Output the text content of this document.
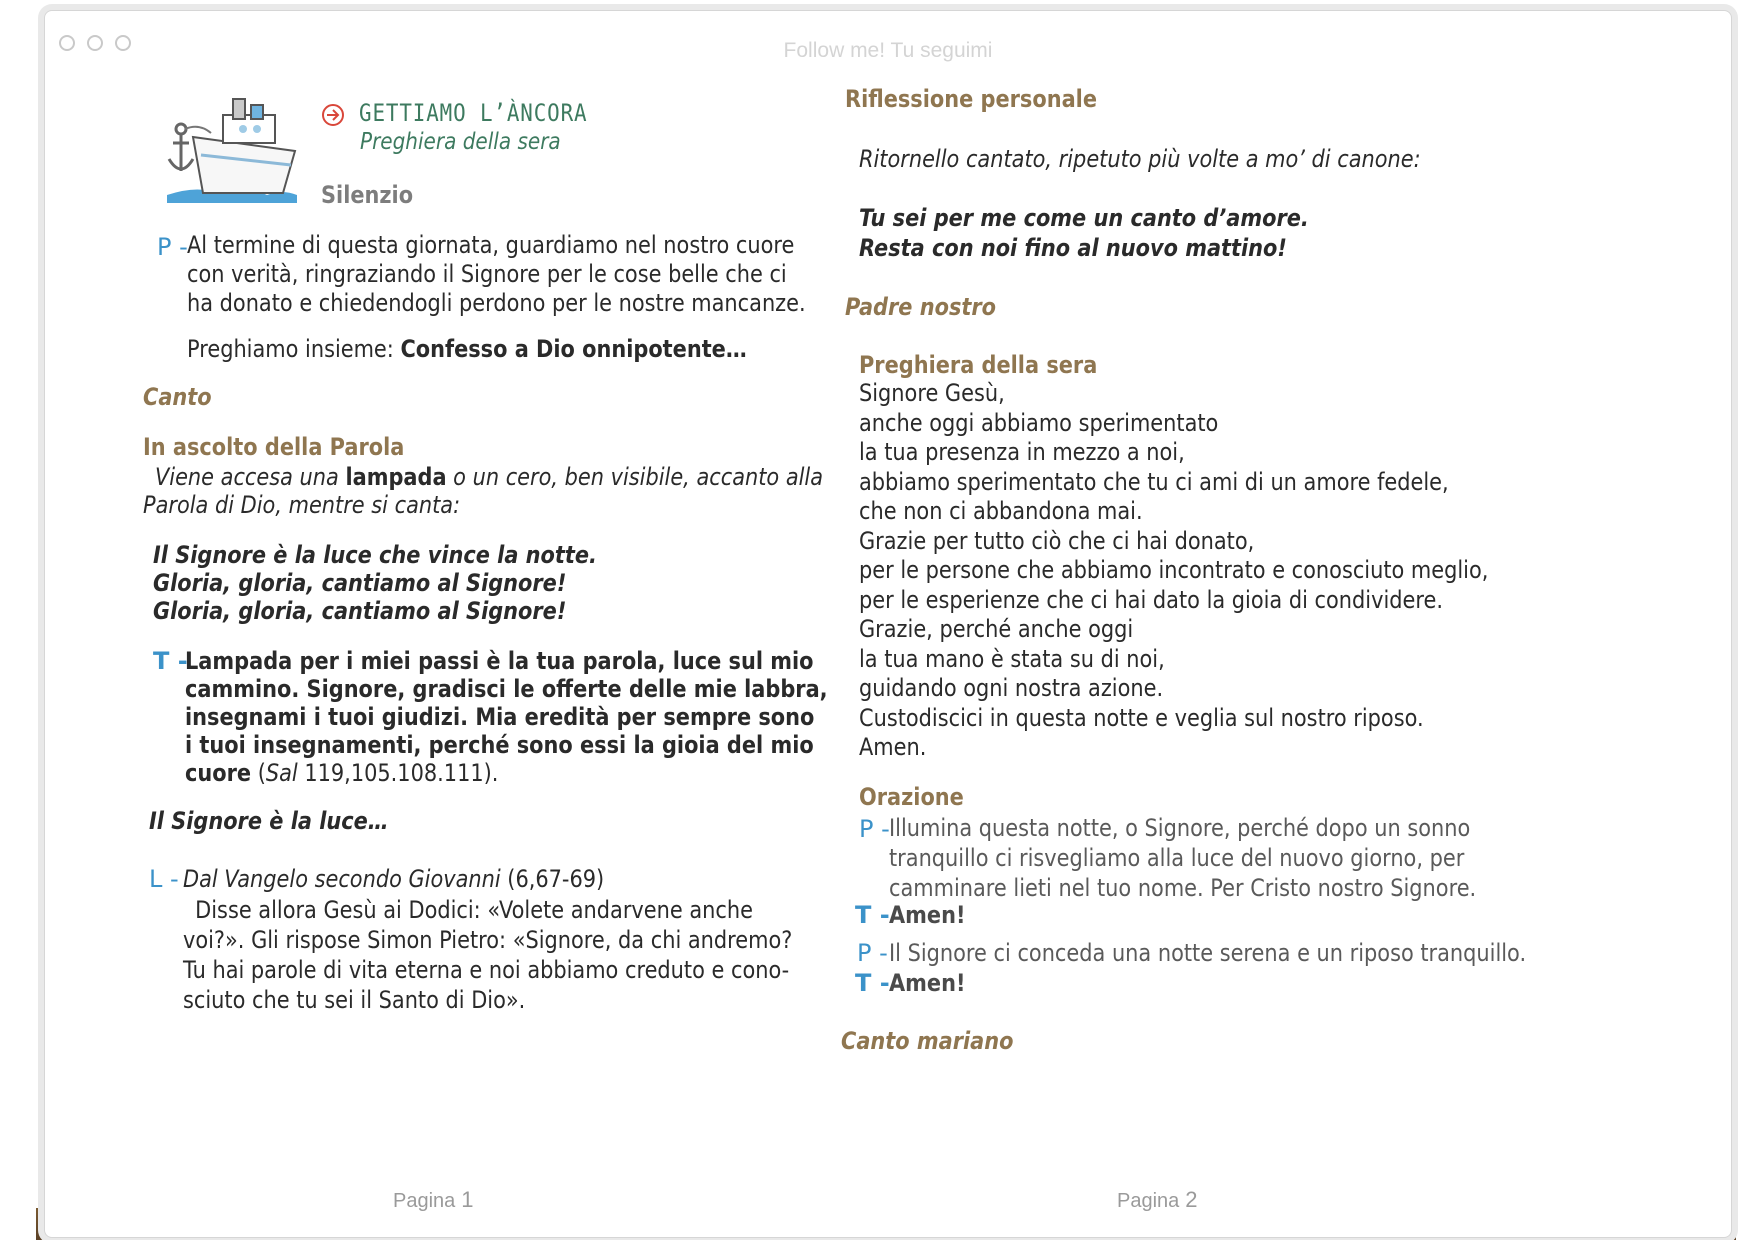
Follow me! Tu seguimi
GETTIAMO L’ÀNCORA
Preghiera della sera
Silenzio
P - Al termine di questa giornata, guardiamo nel nostro cuore
con verità, ringraziando il Signore per le cose belle che ci
ha donato e chiedendogli perdono per le nostre mancanze.
Preghiamo insieme: Confesso a Dio onnipotente…
Canto
In ascolto della Parola
Viene accesa una lampada o un cero, ben visibile, accanto alla
Parola di Dio, mentre si canta:
Il Signore è la luce che vince la notte.
Gloria, gloria, cantiamo al Signore!
Gloria, gloria, cantiamo al Signore!
T -
Lampada per i miei passi è la tua parola, luce sul mio
cammino. Signore, gradisci le offerte delle mie labbra,
insegnami i tuoi giudizi. Mia eredità per sempre sono
i tuoi insegnamenti, perché sono essi la gioia del mio
cuore (Sal 119,105.108.111).
Il Signore è la luce…
L - Dal Vangelo secondo Giovanni (6,67-69)
Disse allora Gesù ai Dodici: «Volete andarvene anche
voi?». Gli rispose Simon Pietro: «Signore, da chi andremo?
Tu hai parole di vita eterna e noi abbiamo creduto e cono-
sciuto che tu sei il Santo di Dio».
Pagina 1
Riflessione personale
Ritornello cantato, ripetuto più volte a mo’ di canone:
Tu sei per me come un canto d’amore.
Resta con noi fino al nuovo mattino!
Padre nostro
Preghiera della sera
Signore Gesù,
anche oggi abbiamo sperimentato
la tua presenza in mezzo a noi,
abbiamo sperimentato che tu ci ami di un amore fedele,
che non ci abbandona mai.
Grazie per tutto ciò che ci hai donato,
per le persone che abbiamo incontrato e conosciuto meglio,
per le esperienze che ci hai dato la gioia di condividere.
Grazie, perché anche oggi
la tua mano è stata su di noi,
guidando ogni nostra azione.
Custodiscici in questa notte e veglia sul nostro riposo.
Amen.
Orazione
P - Illumina questa notte, o Signore, perché dopo un sonno
tranquillo ci risvegliamo alla luce del nuovo giorno, per
camminare lieti nel tuo nome. Per Cristo nostro Signore.
T - Amen!
P - Il Signore ci conceda una notte serena e un riposo tranquillo.
T - Amen!
Canto mariano
Pagina 2
